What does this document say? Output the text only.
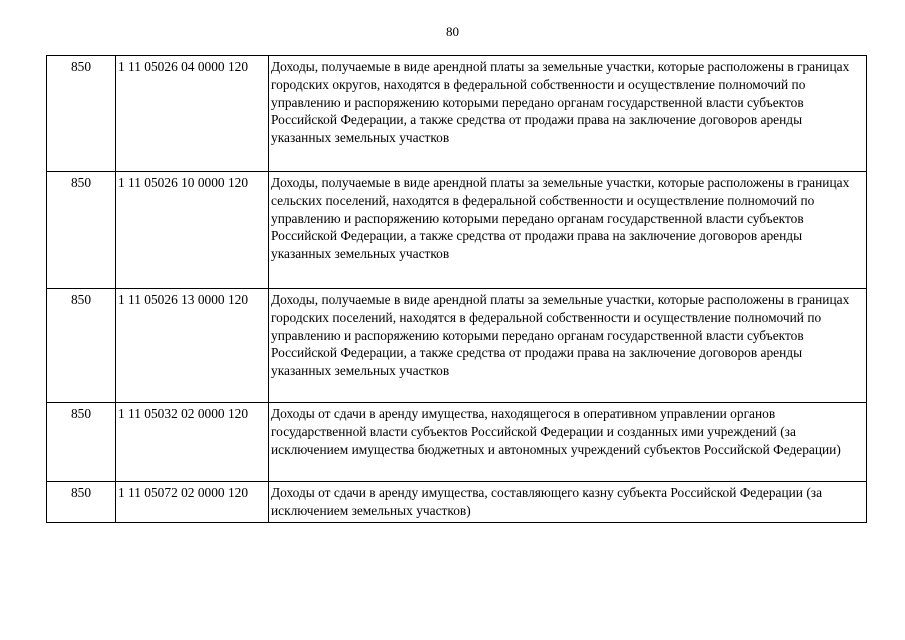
80
850	1 11 05026 04 0000 120	Доходы, получаемые в виде арендной платы за земельные участки, которые расположены в границах городских округов, находятся в федеральной собственности и осуществление полномочий по управлению и распоряжению которыми передано органам государственной власти субъектов Российской Федерации, а также средства от продажи права на заключение договоров аренды указанных земельных участков
850	1 11 05026 10 0000 120	Доходы, получаемые в виде арендной платы за земельные участки, которые расположены в границах сельских поселений, находятся в федеральной собственности и осуществление полномочий по управлению и распоряжению которыми передано органам государственной власти субъектов Российской Федерации, а также средства от продажи права на заключение договоров аренды указанных земельных участков
850	1 11 05026 13 0000 120	Доходы, получаемые в виде арендной платы за земельные участки, которые расположены в границах городских поселений, находятся в федеральной собственности и осуществление полномочий по управлению и распоряжению которыми передано органам государственной власти субъектов Российской Федерации, а также средства от продажи права на заключение договоров аренды указанных земельных участков
850	1 11 05032 02 0000 120	Доходы от сдачи в аренду имущества, находящегося в оперативном управлении органов государственной власти субъектов Российской Федерации и созданных ими учреждений (за исключением имущества бюджетных и автономных учреждений субъектов Российской Федерации)
850	1 11 05072 02 0000 120	Доходы от сдачи в аренду имущества, составляющего казну субъекта Российской Федерации (за исключением земельных участков)
